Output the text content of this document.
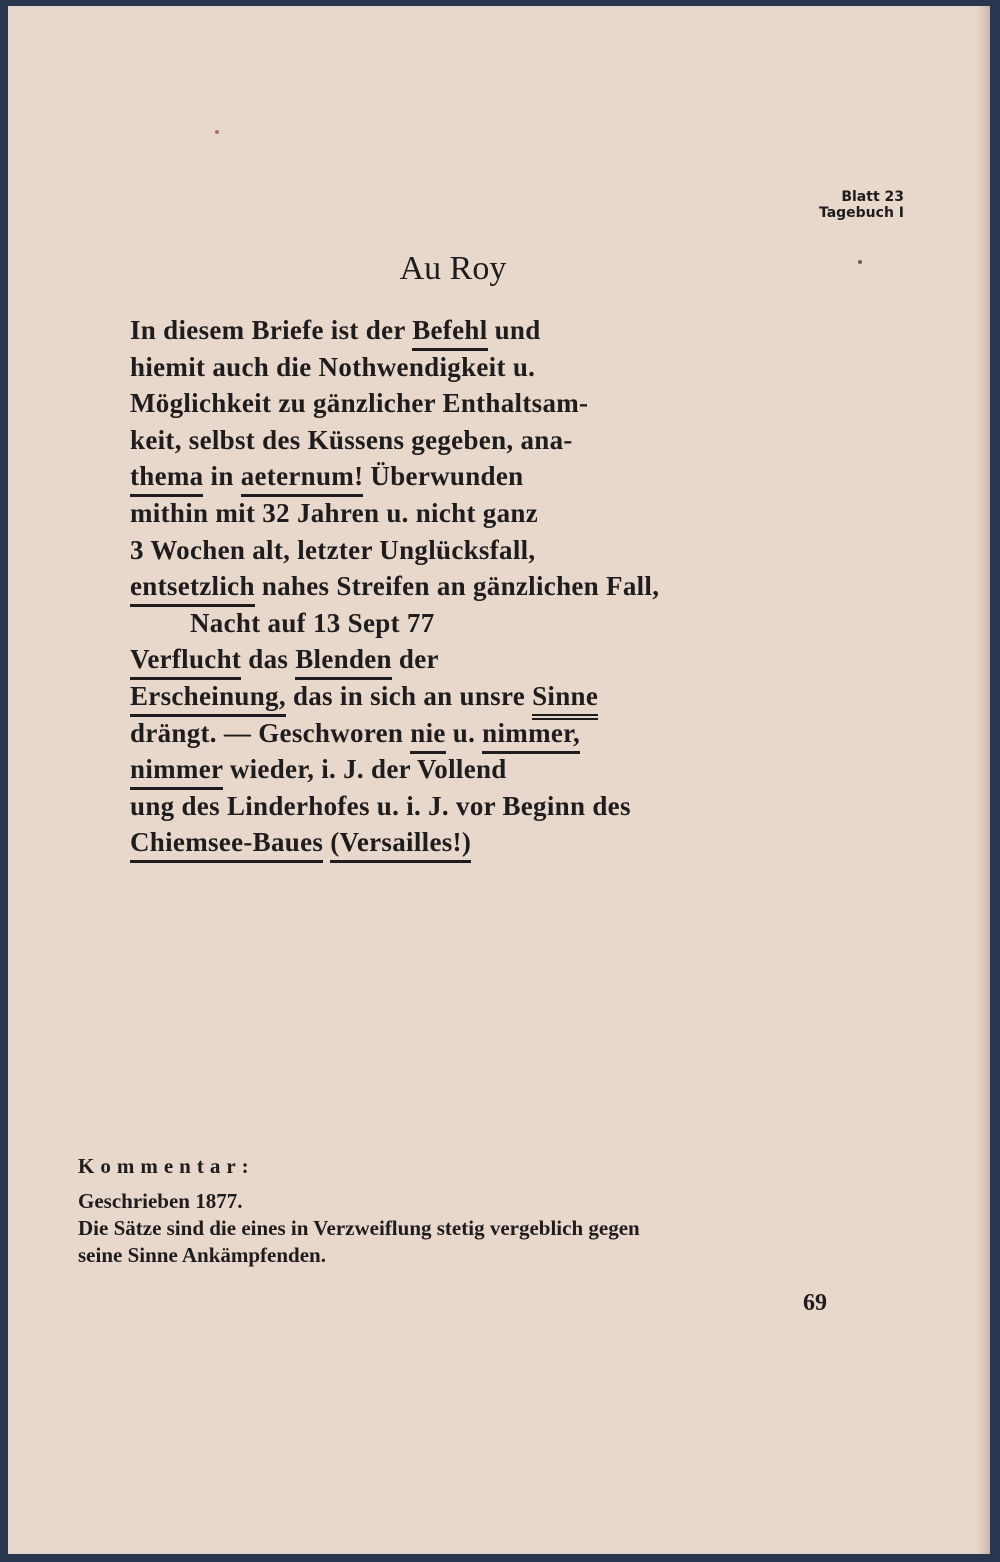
Blatt 23
Tagebuch I
Au Roy
In diesem Briefe ist der Befehl und
hiemit auch die Nothwendigkeit u.
Möglichkeit zu gänzlicher Enthaltsam-
keit, selbst des Küssens gegeben, ana-
thema in aeternum! Überwunden
mithin mit 32 Jahren u. nicht ganz
3 Wochen alt, letzter Unglücksfall,
entsetzlich nahes Streifen an gänzlichen Fall,
Nacht auf 13 Sept 77
Verflucht das Blenden der
Erscheinung, das in sich an unsre Sinne
drängt. — Geschworen nie u. nimmer,
nimmer wieder, i. J. der Vollend
ung des Linderhofes u. i. J. vor Beginn des
Chiemsee-Baues (Versailles!)
Kommentar:
Geschrieben 1877.
Die Sätze sind die eines in Verzweiflung stetig vergeblich gegen
seine Sinne Ankämpfenden.
69
